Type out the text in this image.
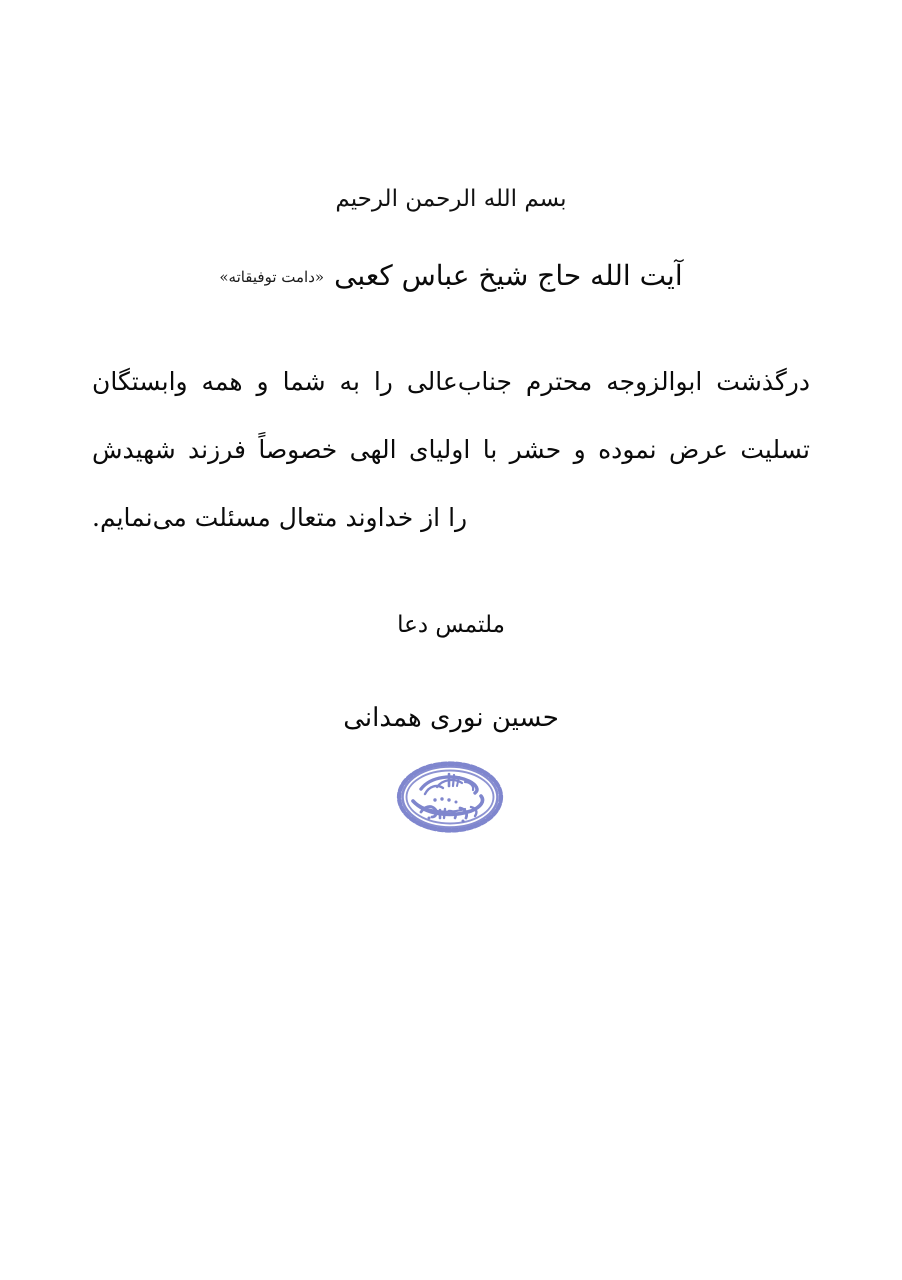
بسم الله الرحمن الرحیم
آیت الله حاج شیخ عباس کعبی«دامت توفیقاته»
درگذشت ابوالزوجه محترم جناب‌عالی را به شما و همه وابستگان
تسلیت عرض نموده و حشر با اولیای الهی خصوصاً فرزند شهیدش
را از خداوند متعال مسئلت می‌نمایم.
ملتمس دعا
حسین نوری همدانی
